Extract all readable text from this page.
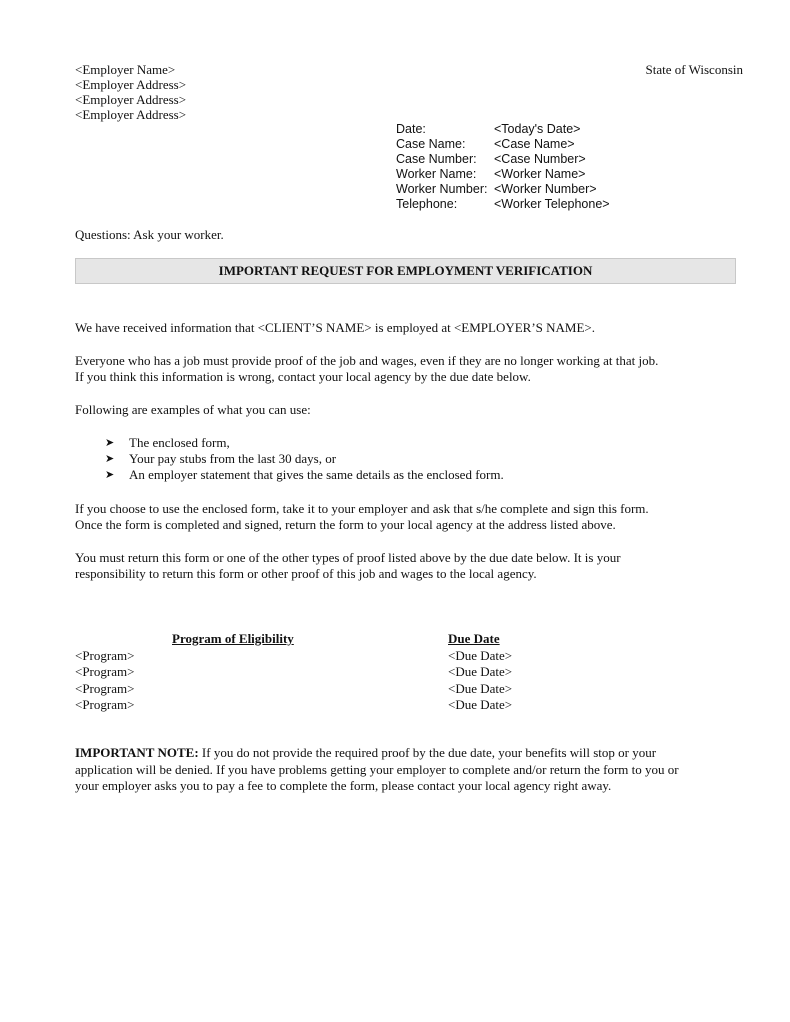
<Employer Name>
<Employer Address>
<Employer Address>
<Employer Address>
State of Wisconsin
Date:	<Today's Date>
Case Name:	<Case Name>
Case Number:	<Case Number>
Worker Name:	<Worker Name>
Worker Number: <Worker Number>
Telephone:	<Worker Telephone>
Questions: Ask your worker.
IMPORTANT REQUEST FOR EMPLOYMENT VERIFICATION

We have received information that <CLIENT’S NAME> is employed at <EMPLOYER’S NAME>.

Everyone who has a job must provide proof of the job and wages, even if they are no longer working at that job.

If you think this information is wrong, contact your local agency by the due date below.

Following are examples of what you can use:

➤	The enclosed form,
➤	Your pay stubs from the last 30 days, or
➤	An employer statement that gives the same details as the enclosed form.

If you choose to use the enclosed form, take it to your employer and ask that s/he complete and sign this form.

Once the form is completed and signed, return the form to your local agency at the address listed above.

You must return this form or one of the other types of proof listed above by the due date below. It is your

responsibility to return this form or other proof of this job and wages to the local agency.

Program of Eligibility	Due Date
<Program>	<Due Date>
<Program>	<Due Date>
<Program>	<Due Date>
<Program>	<Due Date>

IMPORTANT NOTE: If you do not provide the required proof by the due date, your benefits will stop or your

application will be denied. If you have problems getting your employer to complete and/or return the form to you or

your employer asks you to pay a fee to complete the form, please contact your local agency right away.
